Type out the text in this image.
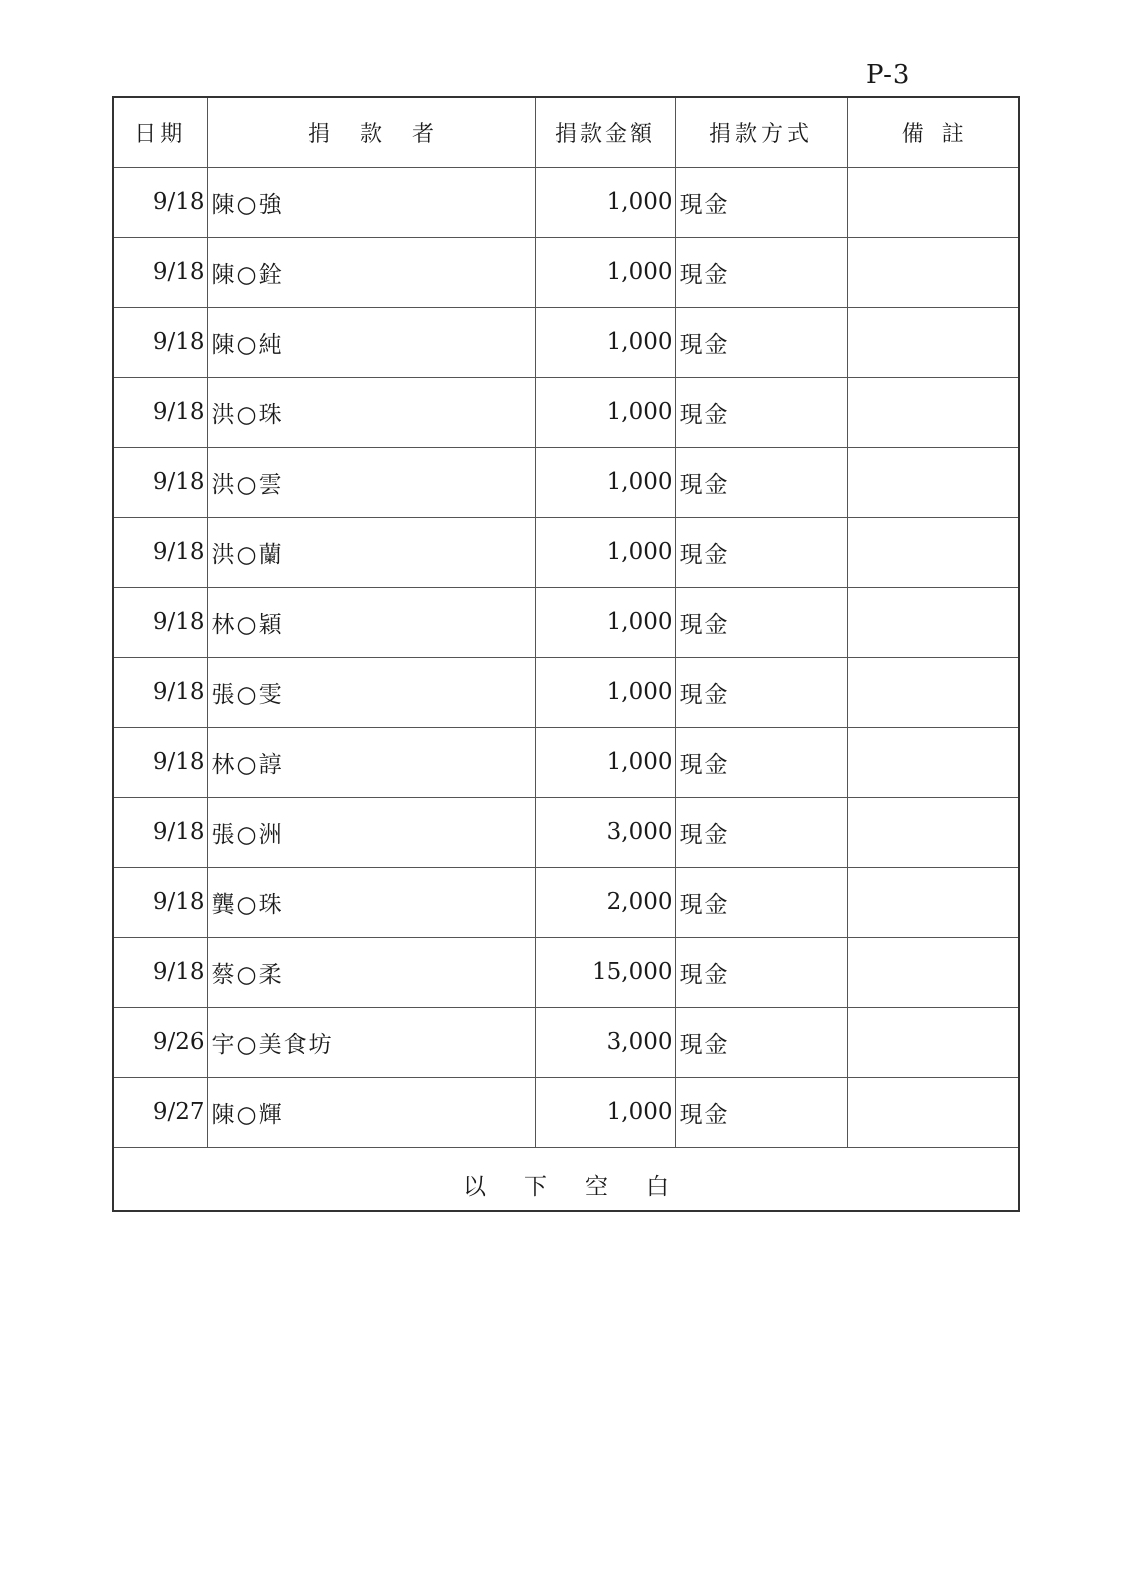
P-3
日期	捐款者	捐款金額	捐款方式	備註
9/18	陳○強	1,000	現金	
9/18	陳○銓	1,000	現金	
9/18	陳○純	1,000	現金	
9/18	洪○珠	1,000	現金	
9/18	洪○雲	1,000	現金	
9/18	洪○蘭	1,000	現金	
9/18	林○穎	1,000	現金	
9/18	張○雯	1,000	現金	
9/18	林○諄	1,000	現金	
9/18	張○洲	3,000	現金	
9/18	龔○珠	2,000	現金	
9/18	蔡○柔	15,000	現金	
9/26	宇○美食坊	3,000	現金	
9/27	陳○輝	1,000	現金	
以下空白				
